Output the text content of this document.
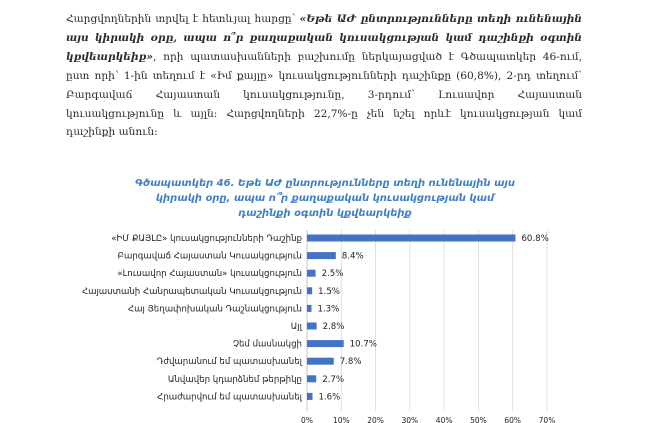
Հարցվողներին տրվել է հետևյալ հարցը՝ «Եթե ԱԺ ընտրությունները տեղի ունենային այս կիրակի օրը, ապա ո՞ր քաղաքական կուսակցության կամ դաշինքի օգտին կքվեարկեիք», որի պատասխանների բաշխումը ներկայացված է Գծապատկեր 46-ում, ըստ որի՝ 1-ին տեղում է «Իմ քայլը» կուսակցությունների դաշինքը (60,8%), 2-րդ տեղում՝ Բարգավաճ Հայաստան կուսակցությունը, 3-րդում՝ Լուսավոր Հայաստան կուսակցությունը և այլն: Հարցվողների 22,7%-ը չեն նշել որևէ կուսակցության կամ դաշինքի անուն:
Գծապատկեր 46. Եթե ԱԺ ընտրությունները տեղի ունենային այս կիրակի օրը, ապա ո՞ր քաղաքական կուսակցության կամ դաշինքի օգտին կքվեարկեիք
«ԻՄ ՔԱՅԼԸ» կուսակցությունների Դաշինք	60.8%
Բարգավաճ Հայաստան Կուսակցություն	8.4%
«Լուսավոր Հայաստան» կուսակցություն 2.5%
Հայաստանի Հանրապետական Կուսակցություն 1.5%
Հայ Յեղափոխական Դաշնակցություն 1.3%
Այլ 2.8%
Չեմ մասնակցի	10.7%
Դժվարանում եմ պատասխանել	7.8%
Անվավեր կդարձնեմ թերթիկը 2.7%
Հրաժարվում եմ պատասխանել 1.6%
0%	10% 20% 30% 40% 50% 60% 70%
